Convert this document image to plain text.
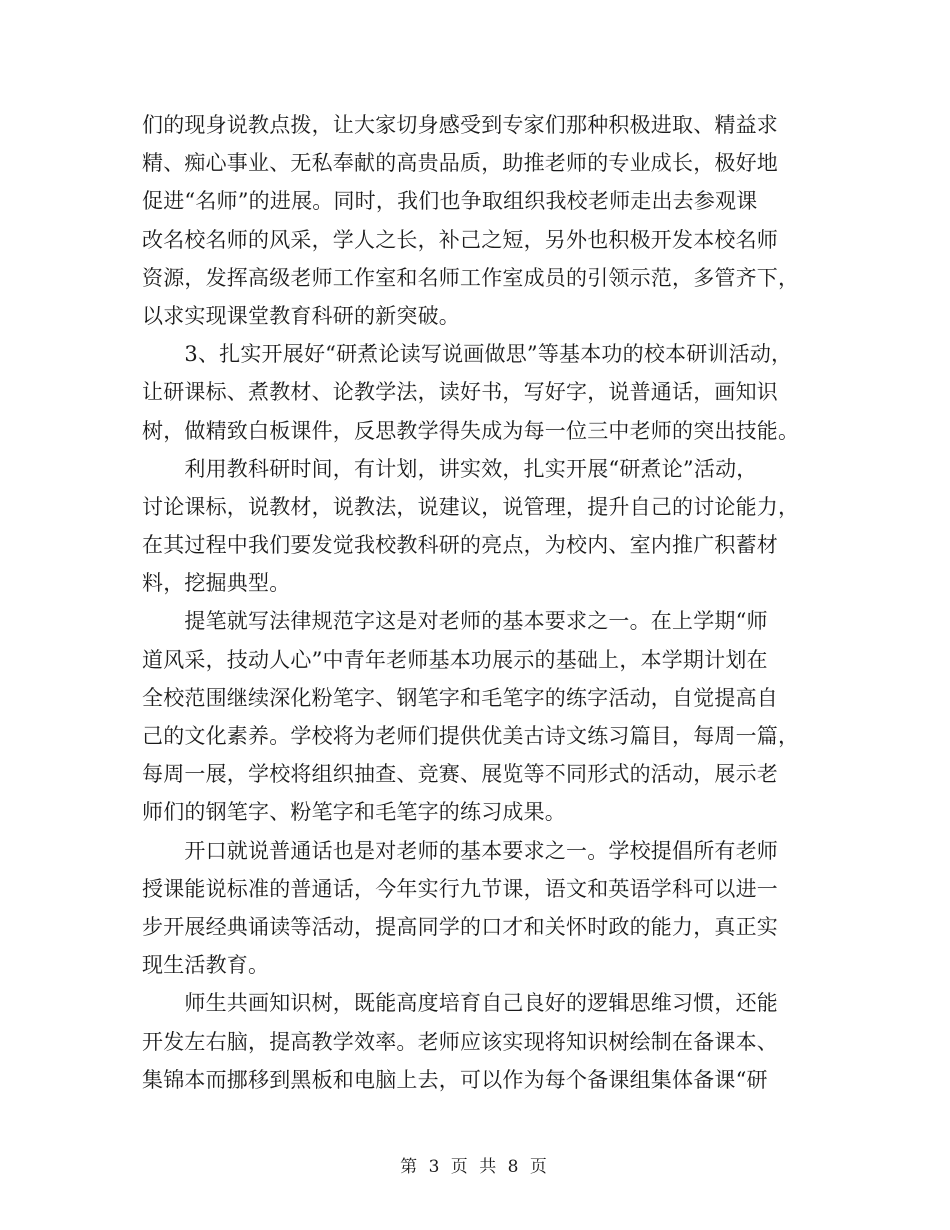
们的现身说教点拨，让大家切身感受到专家们那种积极进取、精益求
精、痴心事业、无私奉献的高贵品质，助推老师的专业成长，极好地
促进“名师”的进展。同时，我们也争取组织我校老师走出去参观课
改名校名师的风采，学人之长，补己之短，另外也积极开发本校名师
资源，发挥高级老师工作室和名师工作室成员的引领示范，多管齐下，
以求实现课堂教育科研的新突破。
　　3、扎实开展好“研煮论读写说画做思”等基本功的校本研训活动，
让研课标、煮教材、论教学法，读好书，写好字，说普通话，画知识
树，做精致白板课件，反思教学得失成为每一位三中老师的突出技能。
　　利用教科研时间，有计划，讲实效，扎实开展“研煮论”活动，
讨论课标，说教材，说教法，说建议，说管理，提升自己的讨论能力，
在其过程中我们要发觉我校教科研的亮点，为校内、室内推广积蓄材
料，挖掘典型。
　　提笔就写法律规范字这是对老师的基本要求之一。在上学期“师
道风采，技动人心”中青年老师基本功展示的基础上，本学期计划在
全校范围继续深化粉笔字、钢笔字和毛笔字的练字活动，自觉提高自
己的文化素养。学校将为老师们提供优美古诗文练习篇目，每周一篇，
每周一展，学校将组织抽查、竞赛、展览等不同形式的活动，展示老
师们的钢笔字、粉笔字和毛笔字的练习成果。
　　开口就说普通话也是对老师的基本要求之一。学校提倡所有老师
授课能说标准的普通话，今年实行九节课，语文和英语学科可以进一
步开展经典诵读等活动，提高同学的口才和关怀时政的能力，真正实
现生活教育。
　　师生共画知识树，既能高度培育自己良好的逻辑思维习惯，还能
开发左右脑，提高教学效率。老师应该实现将知识树绘制在备课本、
集锦本而挪移到黑板和电脑上去，可以作为每个备课组集体备课“研
第 3 页 共 8 页
